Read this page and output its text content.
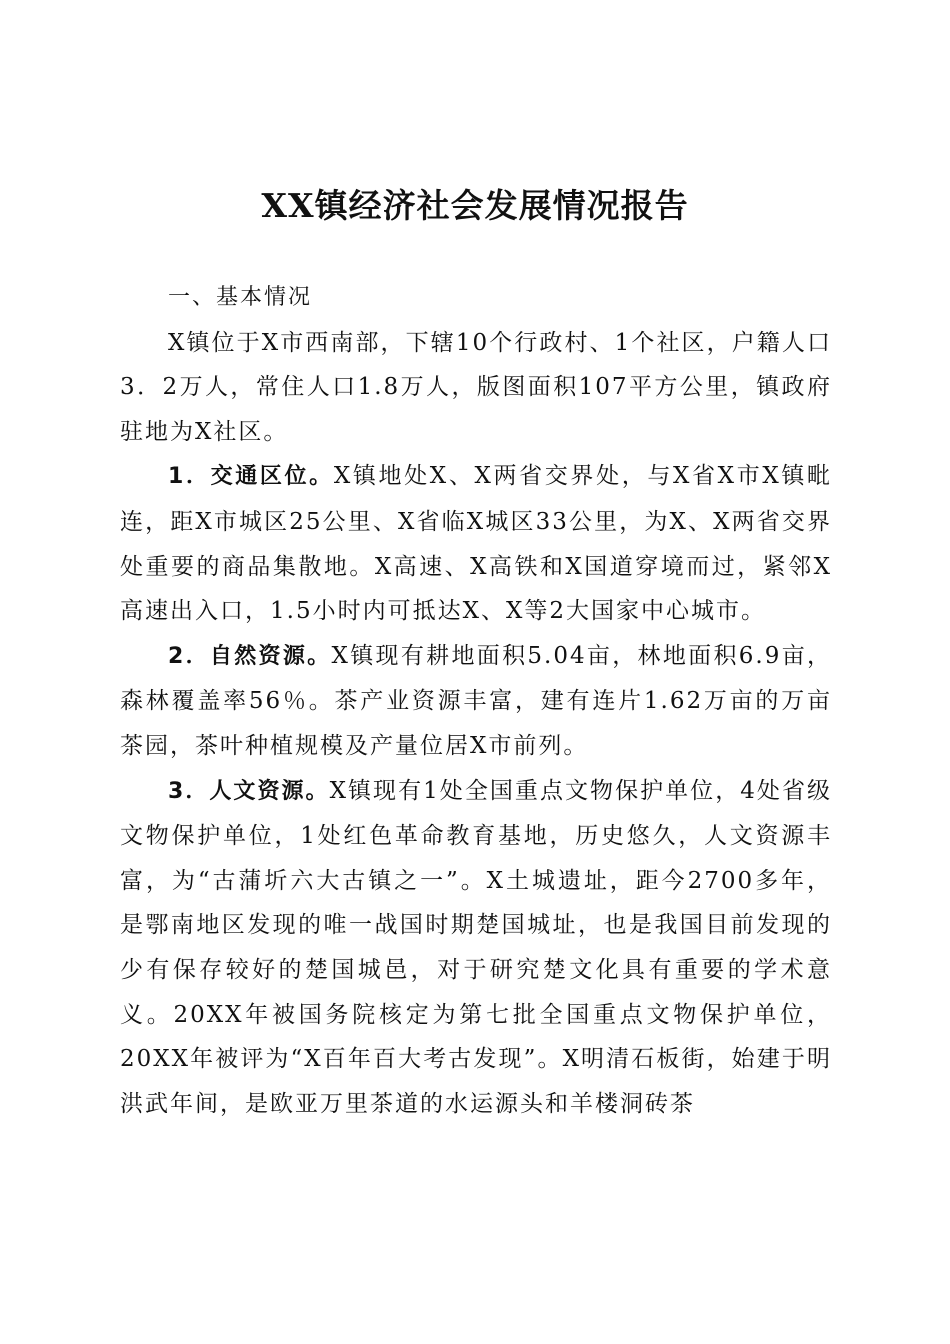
XX镇经济社会发展情况报告

一、基本情况

X镇位于X市西南部，下辖10个行政村、1个社区，户籍人口3．2万人，常住人口1.8万人，版图面积107平方公里，镇政府驻地为X社区。

1．交通区位。X镇地处X、X两省交界处，与X省X市X镇毗连，距X市城区25公里、X省临X城区33公里，为X、X两省交界处重要的商品集散地。X高速、X高铁和X国道穿境而过，紧邻X高速出入口，1.5小时内可抵达X、X等2大国家中心城市。

2．自然资源。X镇现有耕地面积5.04亩，林地面积6.9亩，森林覆盖率56％。茶产业资源丰富，建有连片1.62万亩的万亩茶园，茶叶种植规模及产量位居X市前列。

3．人文资源。X镇现有1处全国重点文物保护单位，4处省级文物保护单位，1处红色革命教育基地，历史悠久，人文资源丰富，为“古蒲圻六大古镇之一”。X土城遗址，距今2700多年，是鄂南地区发现的唯一战国时期楚国城址，也是我国目前发现的少有保存较好的楚国城邑，对于研究楚文化具有重要的学术意义。20XX年被国务院核定为第七批全国重点文物保护单位，20XX年被评为“X百年百大考古发现”。X明清石板街，始建于明洪武年间，是欧亚万里茶道的水运源头和羊楼洞砖茶
